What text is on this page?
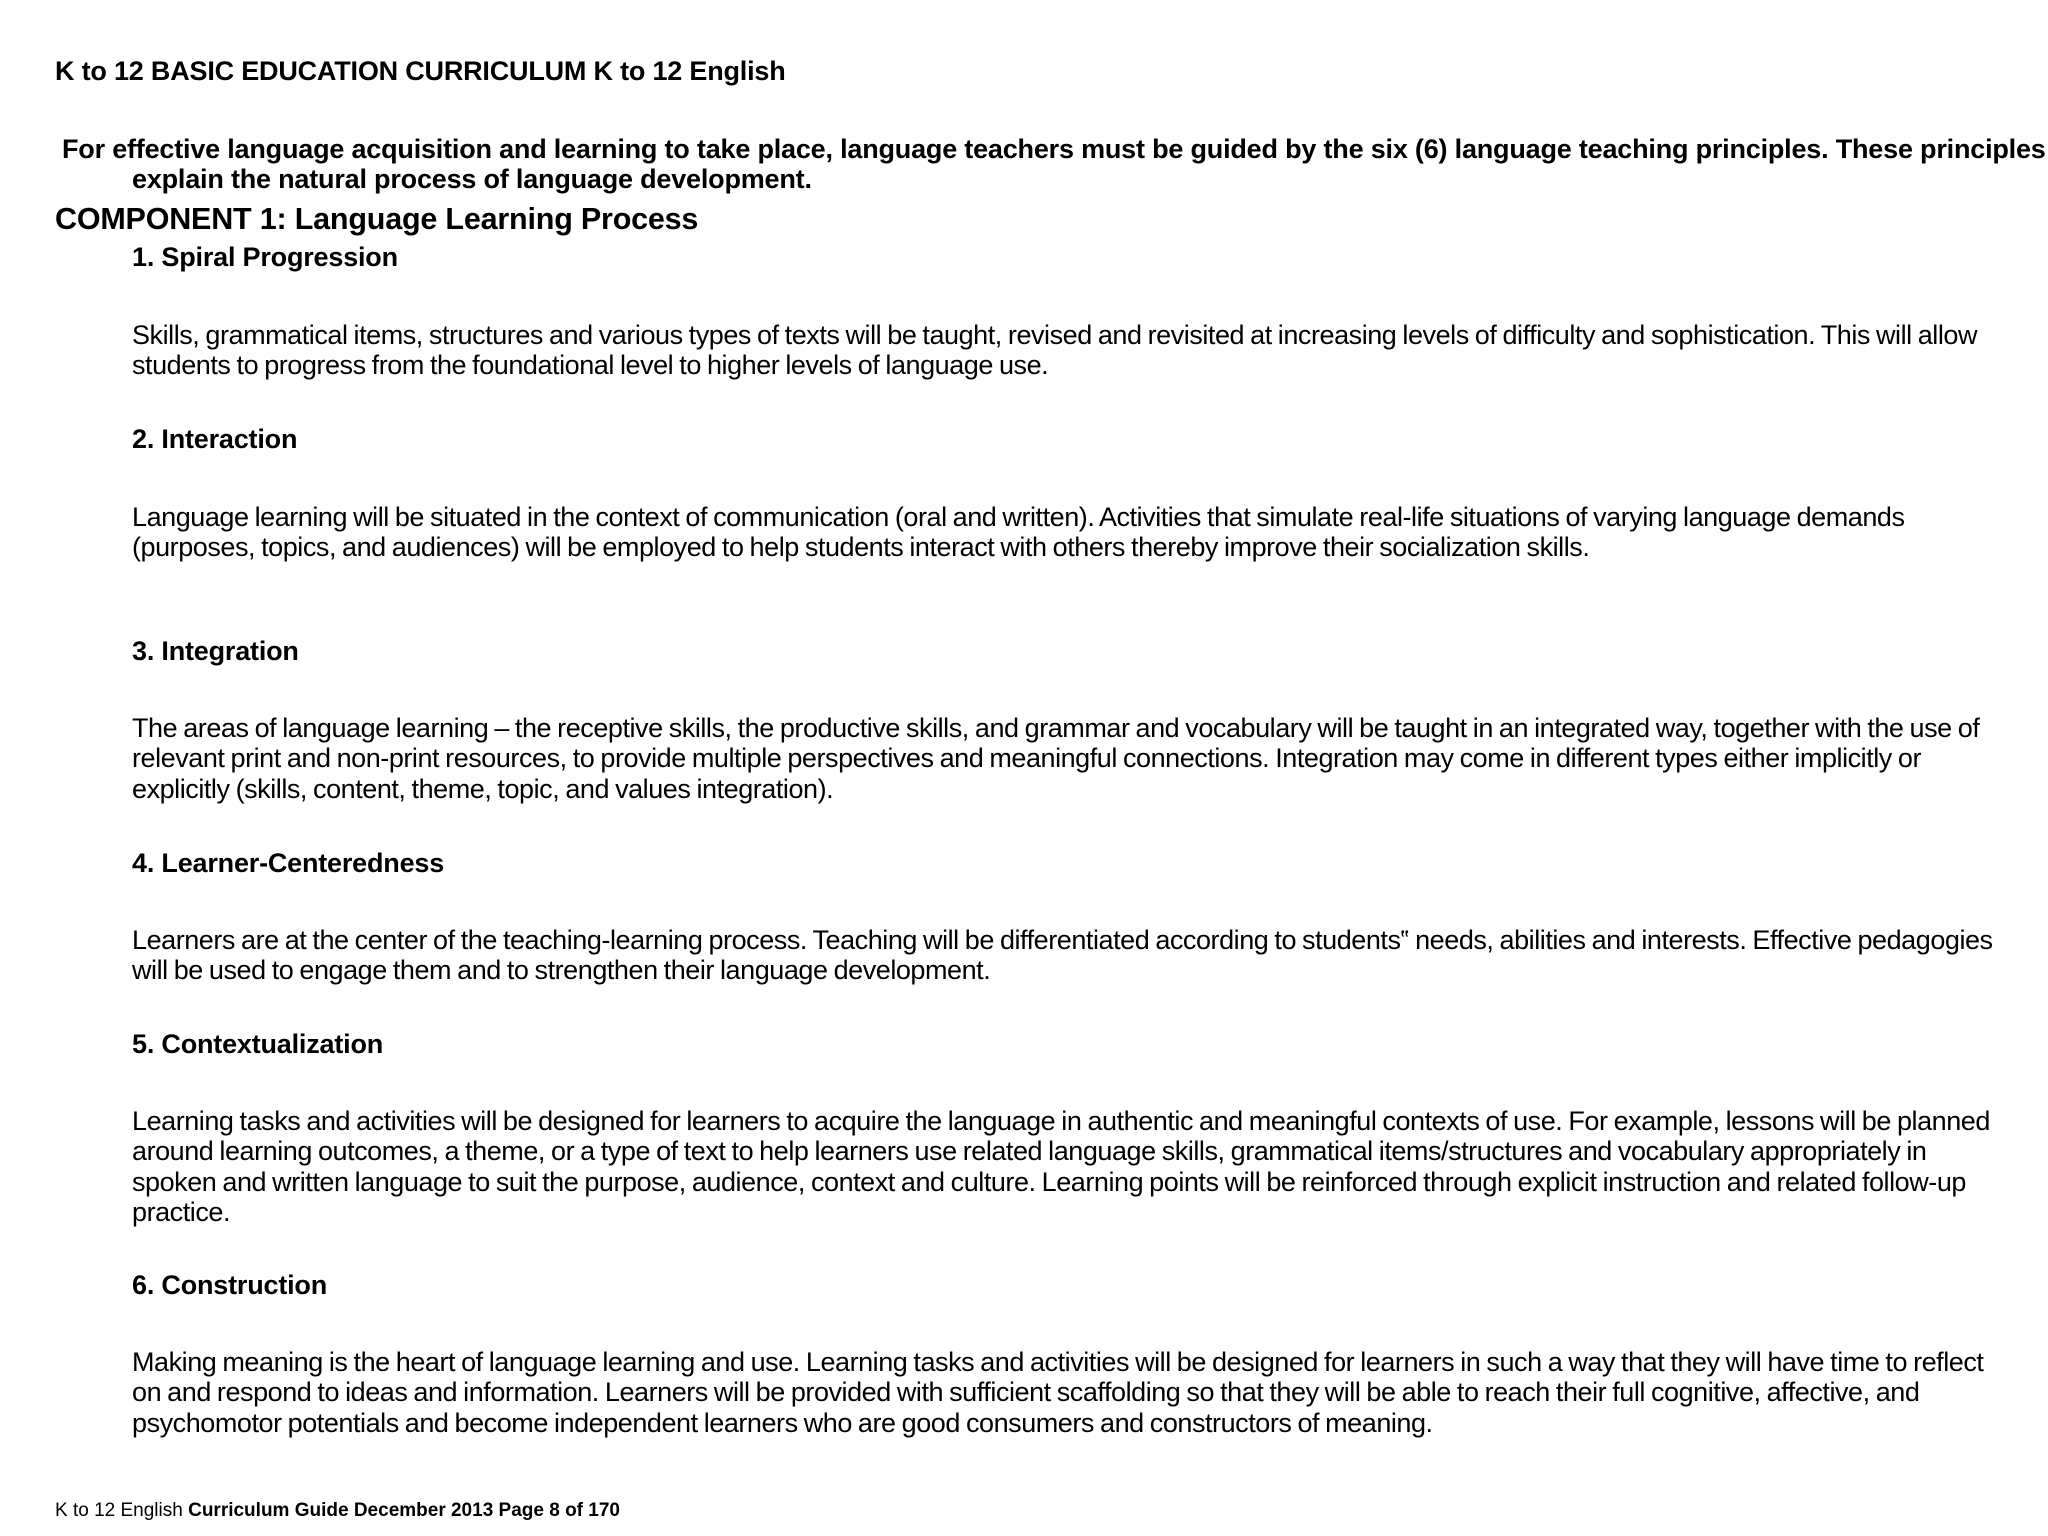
K to 12 BASIC EDUCATION CURRICULUM K to 12 English
For effective language acquisition and learning to take place, language teachers must be guided by the six (6) language teaching principles. These principles explain the natural process of language development.
COMPONENT 1: Language Learning Process
1. Spiral Progression
Skills, grammatical items, structures and various types of texts will be taught, revised and revisited at increasing levels of difficulty and sophistication. This will allow students to progress from the foundational level to higher levels of language use.
2. Interaction
Language learning will be situated in the context of communication (oral and written). Activities that simulate real-life situations of varying language demands (purposes, topics, and audiences) will be employed to help students interact with others thereby improve their socialization skills.
3. Integration
The areas of language learning – the receptive skills, the productive skills, and grammar and vocabulary will be taught in an integrated way, together with the use of relevant print and non-print resources, to provide multiple perspectives and meaningful connections. Integration may come in different types either implicitly or explicitly (skills, content, theme, topic, and values integration).
4. Learner-Centeredness
Learners are at the center of the teaching-learning process. Teaching will be differentiated according to students‟ needs, abilities and interests. Effective pedagogies will be used to engage them and to strengthen their language development.
5. Contextualization
Learning tasks and activities will be designed for learners to acquire the language in authentic and meaningful contexts of use. For example, lessons will be planned around learning outcomes, a theme, or a type of text to help learners use related language skills, grammatical items/structures and vocabulary appropriately in spoken and written language to suit the purpose, audience, context and culture. Learning points will be reinforced through explicit instruction and related follow-up practice.
6. Construction
Making meaning is the heart of language learning and use. Learning tasks and activities will be designed for learners in such a way that they will have time to reflect on and respond to ideas and information. Learners will be provided with sufficient scaffolding so that they will be able to reach their full cognitive, affective, and psychomotor potentials and become independent learners who are good consumers and constructors of meaning.
K to 12 English Curriculum Guide December 2013 Page 8 of 170
